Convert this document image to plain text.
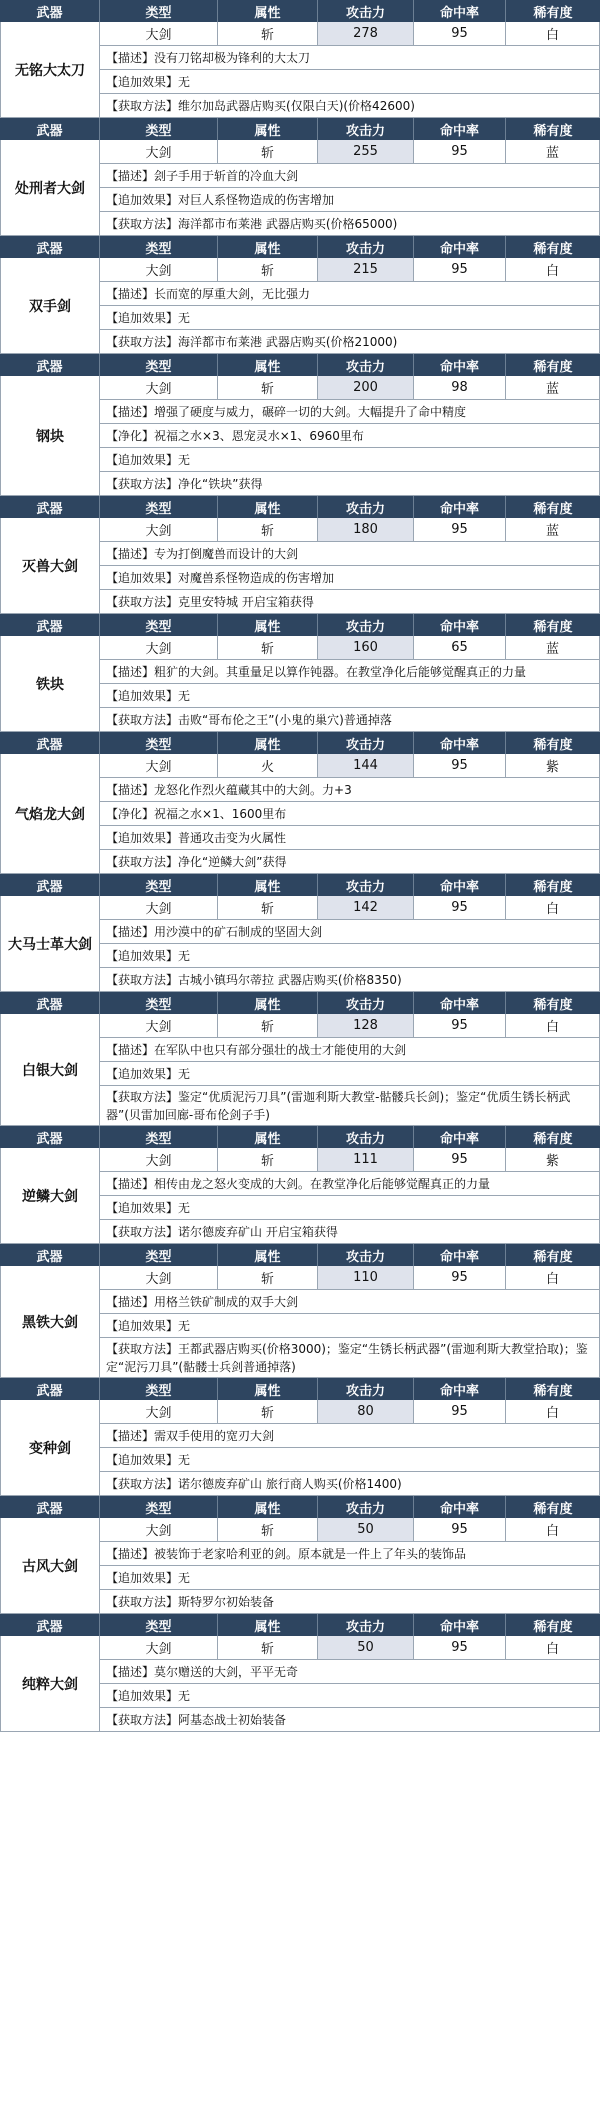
武器	类型	属性	攻击力	命中率	稀有度
无铭大太刀
大剑	斩	278	95	白
【描述】没有刀铭却极为锋利的大太刀
【追加效果】无
【获取方法】维尔加岛武器店购买(仅限白天)(价格42600)
武器	类型	属性	攻击力	命中率	稀有度
处刑者大剑
大剑	斩	255	95	蓝
【描述】刽子手用于斩首的冷血大剑
【追加效果】对巨人系怪物造成的伤害增加
【获取方法】海洋都市布莱港 武器店购买(价格65000)
武器	类型	属性	攻击力	命中率	稀有度
双手剑
大剑	斩	215	95	白
【描述】长而宽的厚重大剑，无比强力
【追加效果】无
【获取方法】海洋都市布莱港 武器店购买(价格21000)
武器	类型	属性	攻击力	命中率	稀有度
钢块
大剑	斩	200	98	蓝
【描述】增强了硬度与威力，碾碎一切的大剑。大幅提升了命中精度
【净化】祝福之水×3、恩宠灵水×1、6960里布
【追加效果】无
【获取方法】净化“铁块”获得
武器	类型	属性	攻击力	命中率	稀有度
灭兽大剑
大剑	斩	180	95	蓝
【描述】专为打倒魔兽而设计的大剑
【追加效果】对魔兽系怪物造成的伤害增加
【获取方法】克里安特城 开启宝箱获得
武器	类型	属性	攻击力	命中率	稀有度
铁块
大剑	斩	160	65	蓝
【描述】粗犷的大剑。其重量足以算作钝器。在教堂净化后能够觉醒真正的力量
【追加效果】无
【获取方法】击败“哥布伦之王”(小鬼的巢穴)普通掉落
武器	类型	属性	攻击力	命中率	稀有度
气焰龙大剑
大剑	火	144	95	紫
【描述】龙怒化作烈火蕴藏其中的大剑。力+3
【净化】祝福之水×1、1600里布
【追加效果】普通攻击变为火属性
【获取方法】净化“逆鳞大剑”获得
武器	类型	属性	攻击力	命中率	稀有度
大马士革大剑
大剑	斩	142	95	白
【描述】用沙漠中的矿石制成的坚固大剑
【追加效果】无
【获取方法】古城小镇玛尔蒂拉 武器店购买(价格8350)
武器	类型	属性	攻击力	命中率	稀有度
白银大剑
大剑	斩	128	95	白
【描述】在军队中也只有部分强壮的战士才能使用的大剑
【追加效果】无
【获取方法】鉴定“优质泥污刀具”(雷迦利斯大教堂-骷髅兵长剑)；鉴定“优质生锈长柄武器”(贝雷加回廊-哥布伦剑子手)
武器	类型	属性	攻击力	命中率	稀有度
逆鳞大剑
大剑	斩	111	95	紫
【描述】相传由龙之怒火变成的大剑。在教堂净化后能够觉醒真正的力量
【追加效果】无
【获取方法】诺尔德废弃矿山 开启宝箱获得
武器	类型	属性	攻击力	命中率	稀有度
黑铁大剑
大剑	斩	110	95	白
【描述】用格兰铁矿制成的双手大剑
【追加效果】无
【获取方法】王都武器店购买(价格3000)；鉴定“生锈长柄武器”(雷迦利斯大教堂拾取)；鉴定“泥污刀具”(骷髅士兵剑普通掉落)
武器	类型	属性	攻击力	命中率	稀有度
变种剑
大剑	斩	80	95	白
【描述】需双手使用的宽刃大剑
【追加效果】无
【获取方法】诺尔德废弃矿山 旅行商人购买(价格1400)
武器	类型	属性	攻击力	命中率	稀有度
古风大剑
大剑	斩	50	95	白
【描述】被装饰于老家哈利亚的剑。原本就是一件上了年头的装饰品
【追加效果】无
【获取方法】斯特罗尔初始装备
武器	类型	属性	攻击力	命中率	稀有度
纯粹大剑
大剑	斩	50	95	白
【描述】莫尔赠送的大剑，平平无奇
【追加效果】无
【获取方法】阿基态战士初始装备
